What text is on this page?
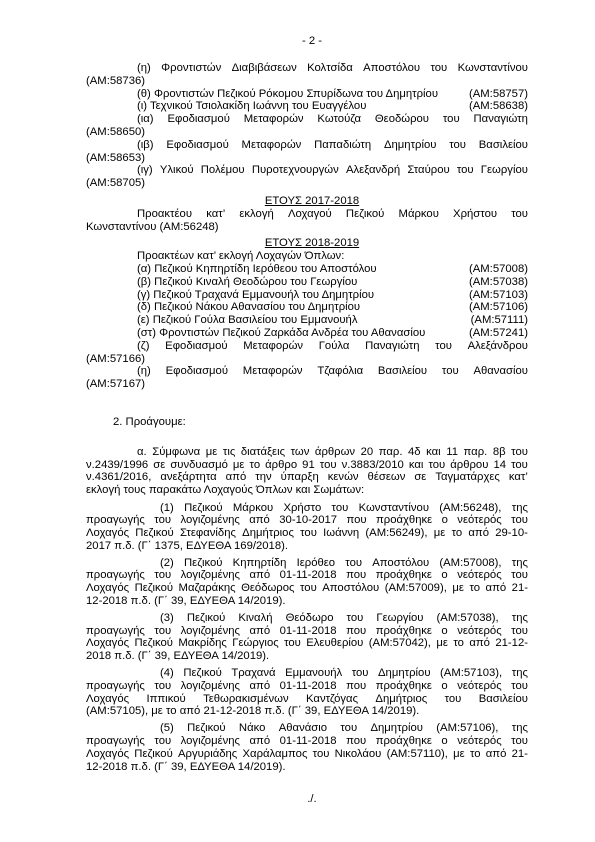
- 2 -
(η) Φροντιστών Διαβιβάσεων Κολτσίδα Αποστόλου του Κωνσταντίνου
(ΑΜ:58736)
(θ) Φροντιστών Πεζικού Ρόκομου Σπυρίδωνα του Δημητρίου	(ΑΜ:58757)
(ι) Τεχνικού Τσιολακίδη Ιωάννη του Ευαγγέλου	(ΑΜ:58638)
(ια) Εφοδιασμού Μεταφορών Κωτούζα Θεοδώρου του Παναγιώτη
(ΑΜ:58650)
(ιβ) Εφοδιασμού Μεταφορών Παπαδιώτη Δημητρίου του Βασιλείου
(ΑΜ:58653)
(ιγ) Υλικού Πολέμου Πυροτεχνουργών Αλεξανδρή Σταύρου του Γεωργίου
(ΑΜ:58705)
ΕΤΟΥΣ 2017-2018
Προακτέου κατ’ εκλογή Λοχαγού Πεζικού Μάρκου Χρήστου του
Κωνσταντίνου (ΑΜ:56248)
ΕΤΟΥΣ 2018-2019
Προακτέων κατ’ εκλογή Λοχαγών Όπλων:
(α) Πεζικού Κηπηρτίδη Ιερόθεου του Αποστόλου	(ΑΜ:57008)
(β) Πεζικού Κιναλή Θεοδώρου του Γεωργίου	(ΑΜ:57038)
(γ) Πεζικού Τραχανά Εμμανουήλ του Δημητρίου	(ΑΜ:57103)
(δ) Πεζικού Νάκου Αθανασίου του Δημητρίου	(ΑΜ:57106)
(ε) Πεζικού Γούλα Βασιλείου του Εμμανουήλ	(ΑΜ:57111)
(στ) Φροντιστών Πεζικού Ζαρκάδα Ανδρέα του Αθανασίου	(ΑΜ:57241)
(ζ) Εφοδιασμού Μεταφορών Γούλα Παναγιώτη του Αλεξάνδρου
(ΑΜ:57166)
(η) Εφοδιασμού Μεταφορών Τζαφόλια Βασιλείου του Αθανασίου
(ΑΜ:57167)
2. Προάγουμε:
α. Σύμφωνα με τις διατάξεις των άρθρων 20 παρ. 4δ και 11 παρ. 8β του
ν.2439/1996 σε συνδυασμό με το άρθρο 91 του ν.3883/2010 και του άρθρου 14 του
ν.4361/2016, ανεξάρτητα από την ύπαρξη κενών θέσεων σε Ταγματάρχες κατ’
εκλογή τους παρακάτω Λοχαγούς Όπλων και Σωμάτων:
(1) Πεζικού Μάρκου Χρήστο του Κωνσταντίνου (ΑΜ:56248), της
προαγωγής του λογιζομένης από 30-10-2017 που προάχθηκε ο νεότερός του
Λοχαγός Πεζικού Στεφανίδης Δημήτριος του Ιωάννη (ΑΜ:56249), με το από 29-10-
2017 π.δ. (Γ΄ 1375, ΕΔΥΕΘΑ 169/2018).
(2) Πεζικού Κηπηρτίδη Ιερόθεο του Αποστόλου (ΑΜ:57008), της
προαγωγής του λογιζομένης από 01-11-2018 που προάχθηκε ο νεότερός του
Λοχαγός Πεζικού Μαζαράκης Θεόδωρος του Αποστόλου (ΑΜ:57009), με το από 21-
12-2018 π.δ. (Γ΄ 39, ΕΔΥΕΘΑ 14/2019).
(3) Πεζικού Κιναλή Θεόδωρο του Γεωργίου (ΑΜ:57038), της
προαγωγής του λογιζομένης από 01-11-2018 που προάχθηκε ο νεότερός του
Λοχαγός Πεζικού Μακρίδης Γεώργιος του Ελευθερίου (ΑΜ:57042), με το από 21-12-
2018 π.δ. (Γ΄ 39, ΕΔΥΕΘΑ 14/2019).
(4) Πεζικού Τραχανά Εμμανουήλ του Δημητρίου (ΑΜ:57103), της
προαγωγής του λογιζομένης από 01-11-2018 που προάχθηκε ο νεότερός του
Λοχαγός Ιππικού Τεθωρακισμένων Καντζόγας Δημήτριος του Βασιλείου
(ΑΜ:57105), με το από 21-12-2018 π.δ. (Γ΄ 39, ΕΔΥΕΘΑ 14/2019).
(5) Πεζικού Νάκο Αθανάσιο του Δημητρίου (ΑΜ:57106), της
προαγωγής του λογιζομένης από 01-11-2018 που προάχθηκε ο νεότερός του
Λοχαγός Πεζικού Αργυριάδης Χαράλαμπος του Νικολάου (ΑΜ:57110), με το από 21-
12-2018 π.δ. (Γ΄ 39, ΕΔΥΕΘΑ 14/2019).
./.
